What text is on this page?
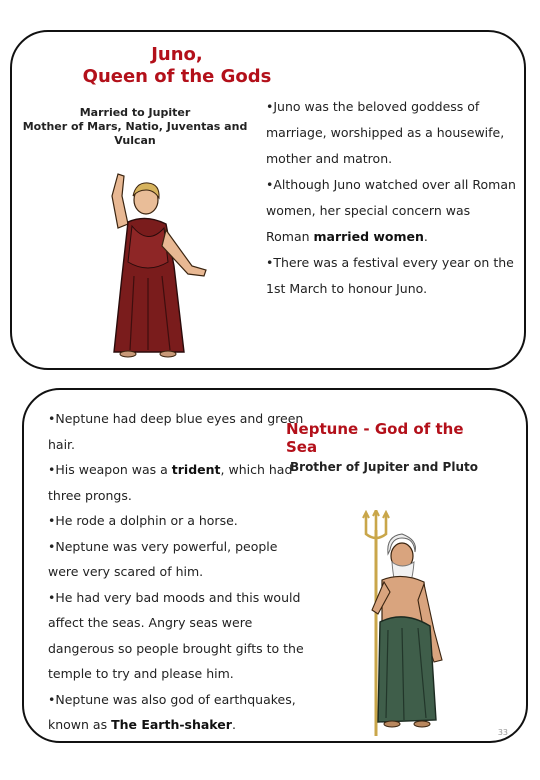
Juno,
Queen of the Gods
Married to Jupiter
Mother of Mars, Natio, Juventas and Vulcan

•Juno was the beloved goddess of marriage, worshipped as a housewife, mother and matron.

•Although Juno watched over all Roman women, her special concern was Roman married women.

•There was a festival every year on the 1st March to honour Juno.

•Neptune had deep blue eyes and green hair.

•His weapon was a trident, which had three prongs.

•He rode a dolphin or a horse.

•Neptune was very powerful, people were very scared of him.

•He had very bad moods and this would affect the seas. Angry seas were dangerous so people brought gifts to the temple to try and please him.

•Neptune was also god of earthquakes, known as The Earth-shaker.

Neptune - God of the Sea
Brother of Jupiter and Pluto
33
